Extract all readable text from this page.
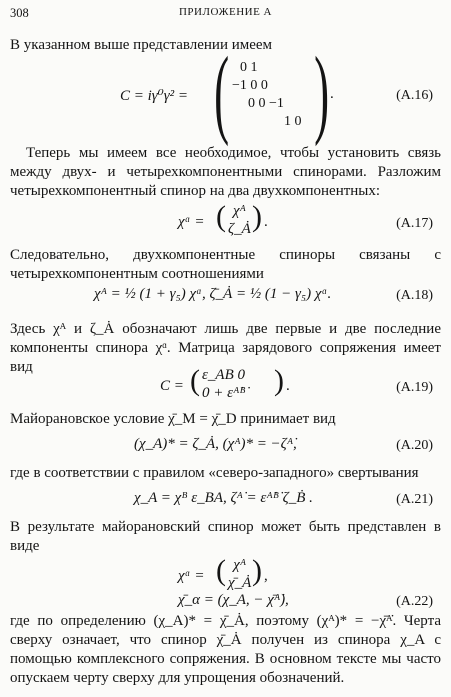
308	ПРИЛОЖЕНИЕ А
В указанном выше представлении имеем
C = iγ⁰γ² = ( 0 1
−1 0 0
0 0 −1
1 0 ) .	(A.16)
Теперь мы имеем все необходимое, чтобы установить связь между двух- и четырехкомпонентными спинорами. Разложим четырехкомпонентный спинор на два двухкомпонентных:
χᵅ = ( χᴬ
ζ_Ȧ ) .	(A.17)
Следовательно, двухкомпонентные спиноры связаны с четырехкомпонентным соотношениями
χᴬ = ½ (1 + γ₅) χᵅ, ζ̄_Ȧ = ½ (1 − γ₅) χᵅ.	(A.18)
Здесь χᴬ и ζ_Ȧ обозначают лишь две первые и две последние компоненты спинора χᵅ. Матрица зарядового сопряжения имеет вид
C = ( ε_AB 0
0 + εᴬ̇ᴮ̇ ) .	(A.19)
Майорановское условие χ̄_M = χ̄_D принимает вид
(χ_A)* = ζ_Ȧ, (χᴬ)* = −ζᴬ̇,	(A.20)
где в соответствии с правилом «северо-западного» свертывания
χ_A = χᴮ ε_BA, ζᴬ̇ = εᴬ̇ᴮ̇ ζ_Ḃ .	(A.21)
В результате майорановский спинор может быть представлен в виде
χᵅ = ( χᴬ
χ̄_Ȧ ) ,
χ̄_α = (χ_A, − χ̄ᴬ̇),	(A.22)
где по определению (χ_A)* = χ̄_Ȧ, поэтому (χᴬ)* = −χ̄ᴬ̇. Черта сверху означает, что спинор χ̄_Ȧ получен из спинора χ_A с помощью комплексного сопряжения. В основном тексте мы часто опускаем черту сверху для упрощения обозначений.
